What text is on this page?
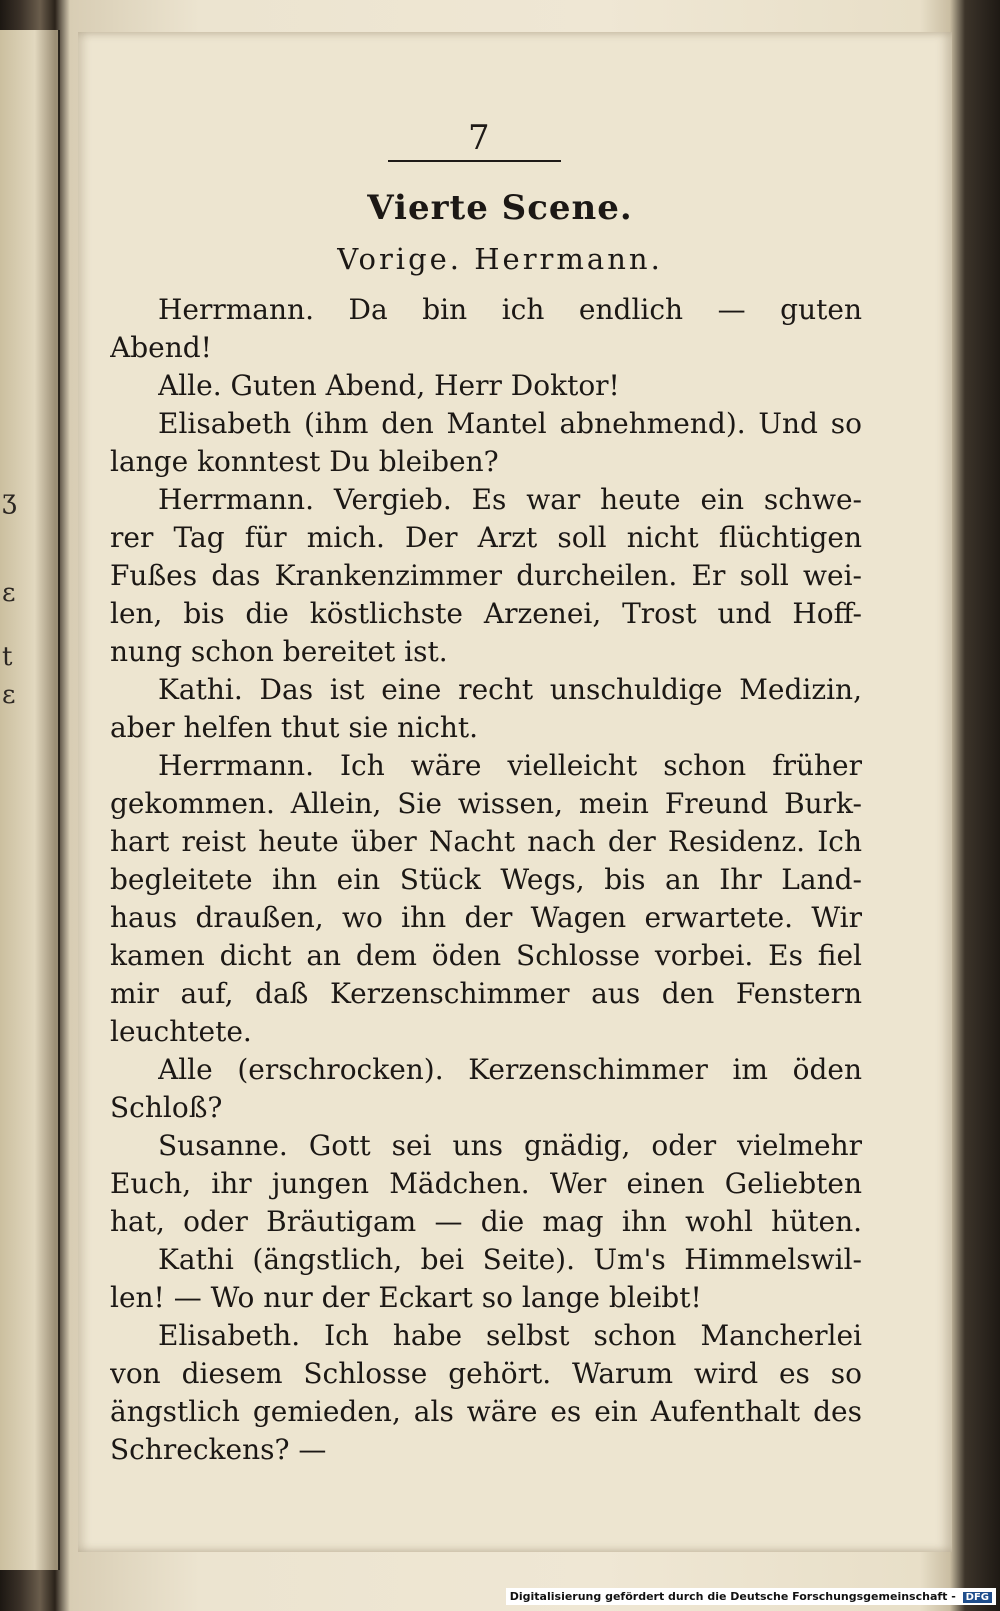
ʒ
ɛ
t
ɛ
7
Vierte Scene.
Vorige. Herrmann.
Herrmann. Da bin ich endlich — guten
Abend!
Alle. Guten Abend, Herr Doktor!
Elisabeth (ihm den Mantel abnehmend). Und so
lange konntest Du bleiben?
Herrmann. Vergieb. Es war heute ein schwe-
rer Tag für mich. Der Arzt soll nicht flüchtigen
Fußes das Krankenzimmer durcheilen. Er soll wei-
len, bis die köstlichste Arzenei, Trost und Hoff-
nung schon bereitet ist.
Kathi. Das ist eine recht unschuldige Medizin,
aber helfen thut sie nicht.
Herrmann. Ich wäre vielleicht schon früher
gekommen. Allein, Sie wissen, mein Freund Burk-
hart reist heute über Nacht nach der Residenz. Ich
begleitete ihn ein Stück Wegs, bis an Ihr Land-
haus draußen, wo ihn der Wagen erwartete. Wir
kamen dicht an dem öden Schlosse vorbei. Es fiel
mir auf, daß Kerzenschimmer aus den Fenstern
leuchtete.
Alle (erschrocken). Kerzenschimmer im öden
Schloß?
Susanne. Gott sei uns gnädig, oder vielmehr
Euch, ihr jungen Mädchen. Wer einen Geliebten
hat, oder Bräutigam — die mag ihn wohl hüten.
Kathi (ängstlich, bei Seite). Um's Himmelswil-
len! — Wo nur der Eckart so lange bleibt!
Elisabeth. Ich habe selbst schon Mancherlei
von diesem Schlosse gehört. Warum wird es so
ängstlich gemieden, als wäre es ein Aufenthalt des
Schreckens? —
Digitalisierung gefördert durch die Deutsche Forschungsgemeinschaft - DFG
